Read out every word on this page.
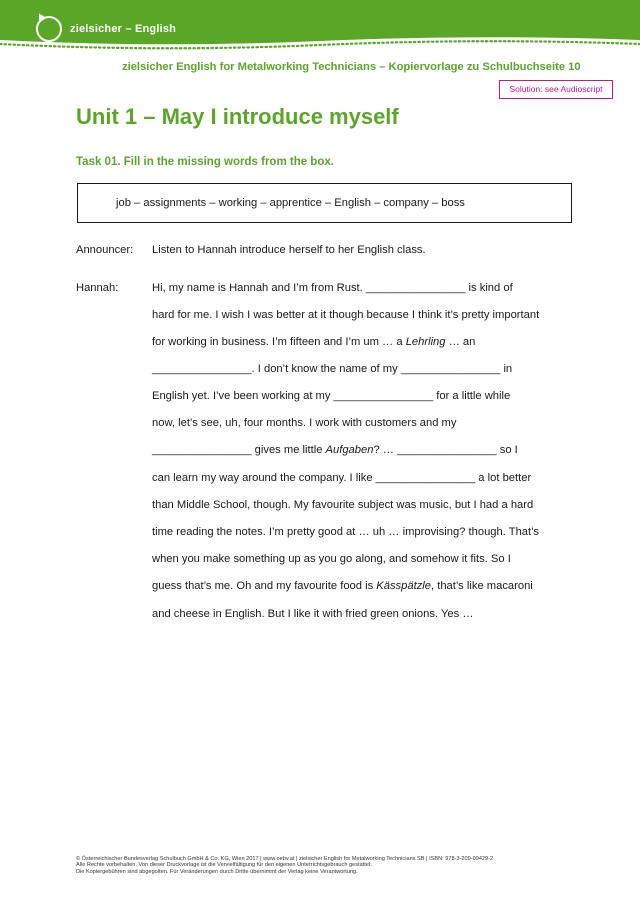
zielsicher – English
zielsicher English for Metalworking Technicians – Kopiervorlage zu Schulbuchseite 10
Solution: see Audioscript
Unit 1 – May I introduce myself
Task 01. Fill in the missing words from the box.
job – assignments – working – apprentice – English – company – boss
Announcer: Listen to Hannah introduce herself to her English class.
Hannah:	Hi, my name is Hannah and I’m from Rust. ________________ is kind of
hard for me. I wish I was better at it though because I think it’s pretty important
for working in business. I’m fifteen and I’m um … a Lehrling … an
________________. I don’t know the name of my ________________ in
English yet. I’ve been working at my ________________ for a little while
now, let’s see, uh, four months. I work with customers and my
________________ gives me little Aufgaben? … ________________ so I
can learn my way around the company. I like ________________ a lot better
than Middle School, though. My favourite subject was music, but I had a hard
time reading the notes. I’m pretty good at … uh … improvising? though. That’s
when you make something up as you go along, and somehow it fits. So I
guess that’s me. Oh and my favourite food is Kässpätzle, that’s like macaroni
and cheese in English. But I like it with fried green onions. Yes …
© Österreichischer Bundesverlag Schulbuch GmbH & Co. KG, Wien 2017 | www.oebv.at | zielsicher English for Metalworking Technicians SB | ISBN: 978-3-209-09429-2
Alle Rechte vorbehalten. Von dieser Druckvorlage ist die Vervielfältigung für den eigenen Unterrichtsgebrauch gestattet.
Die Kopiergebühren sind abgegolten. Für Veränderungen durch Dritte übernimmt der Verlag keine Verantwortung.
